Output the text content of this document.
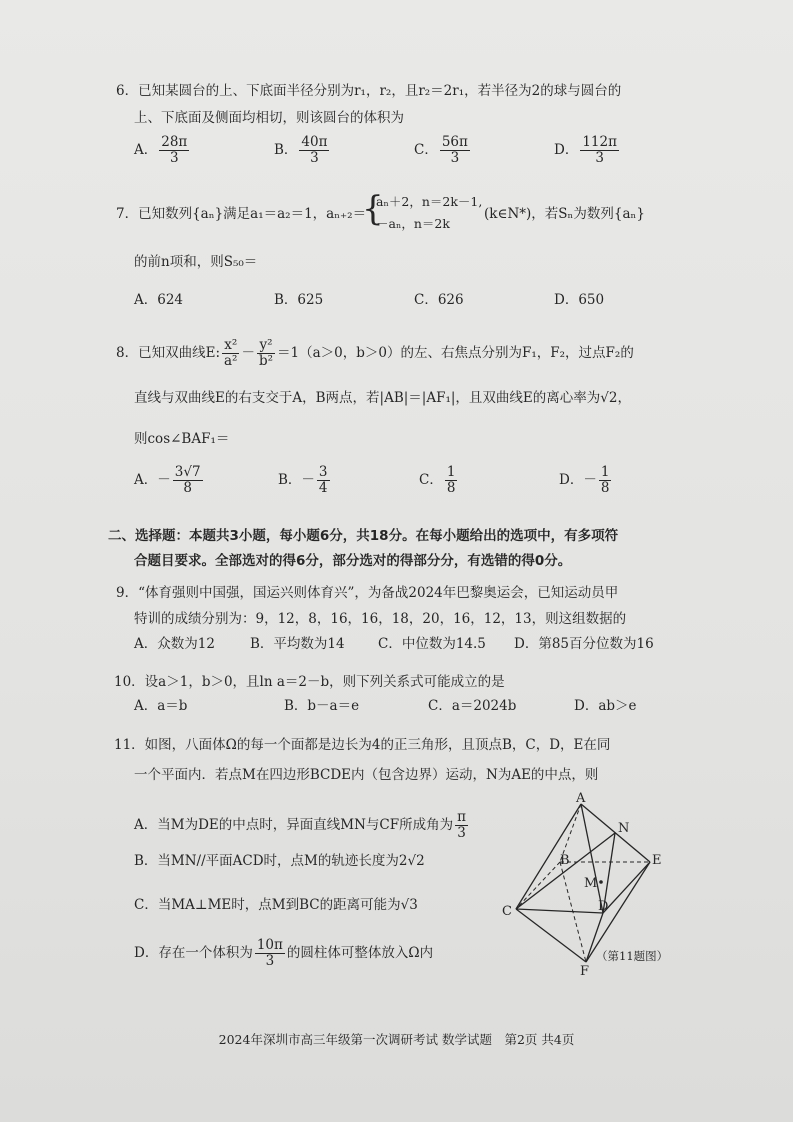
6．已知某圆台的上、下底面半径分别为r₁，r₂，且r₂＝2r₁，若半径为2的球与圆台的
上、下底面及侧面均相切，则该圆台的体积为
A． $\frac{28\pi}{3}$	B． $\frac{40\pi}{3}$	C． $\frac{56\pi}{3}$	D． $\frac{112\pi}{3}$
7．已知数列{aₙ}满足a₁＝a₂＝1，aₙ₊₂＝
{
aₙ＋2，n＝2k－1,
－aₙ，n＝2k
(k∈N*)，若Sₙ为数列{aₙ}
的前n项和，则S₅₀＝
A．624	B．625	C．626	D．650
8．已知双曲线E: $\frac{\text{x²}}{\text{a²}} - \frac{\text{y²}}{\text{b²}} =1(a>0$，b＞0）的左、右焦点分别为F₁，F₂，过点F₂的
直线与双曲线E的右支交于A，B两点，若|AB|＝|AF₁|，且双曲线E的离心率为√2，
则cos∠BAF₁＝
A．－ $\frac{3√7}{8}$	B．－ $\frac{3}{4}$	C． $\frac{1}{8}$	D．－ $\frac{1}{8}$
二、选择题：本题共3小题，每小题6分，共18分。在每小题给出的选项中，有多项符
合题目要求。全部选对的得6分，部分选对的得部分分，有选错的得0分。
9．“体育强则中国强，国运兴则体育兴”，为备战2024年巴黎奥运会，已知运动员甲
特训的成绩分别为：9，12，8，16，16，18，20，16，12，13，则这组数据的
A．众数为12	B．平均数为14 C．中位数为14.5 D．第85百分位数为16
10．设a＞1，b＞0，且ln a＝2－b，则下列关系式可能成立的是
A．a＝b	B．b－a＝e	C．a＝2024b	D．ab＞e
11．如图，八面体Ω的每一个面都是边长为4的正三角形，且顶点B，C，D，E在同
一个平面内．若点M在四边形BCDE内（包含边界）运动，N为AE的中点，则
A．当M为DE的中点时，异面直线MN与CF所成角为 $\frac{\pi}{3}$
B．当MN//平面ACD时，点M的轨迹长度为2√2
C．当MA⊥ME时，点M到BC的距离可能为√3
D．存在一个体积为 $\frac{10\pi}{3}$ 的圆柱体可整体放入Ω内
A
N
B	E
M
C	D
F
（第11题图）
2024年深圳市高三年级第一次调研考试 数学试题　第2页 共4页
